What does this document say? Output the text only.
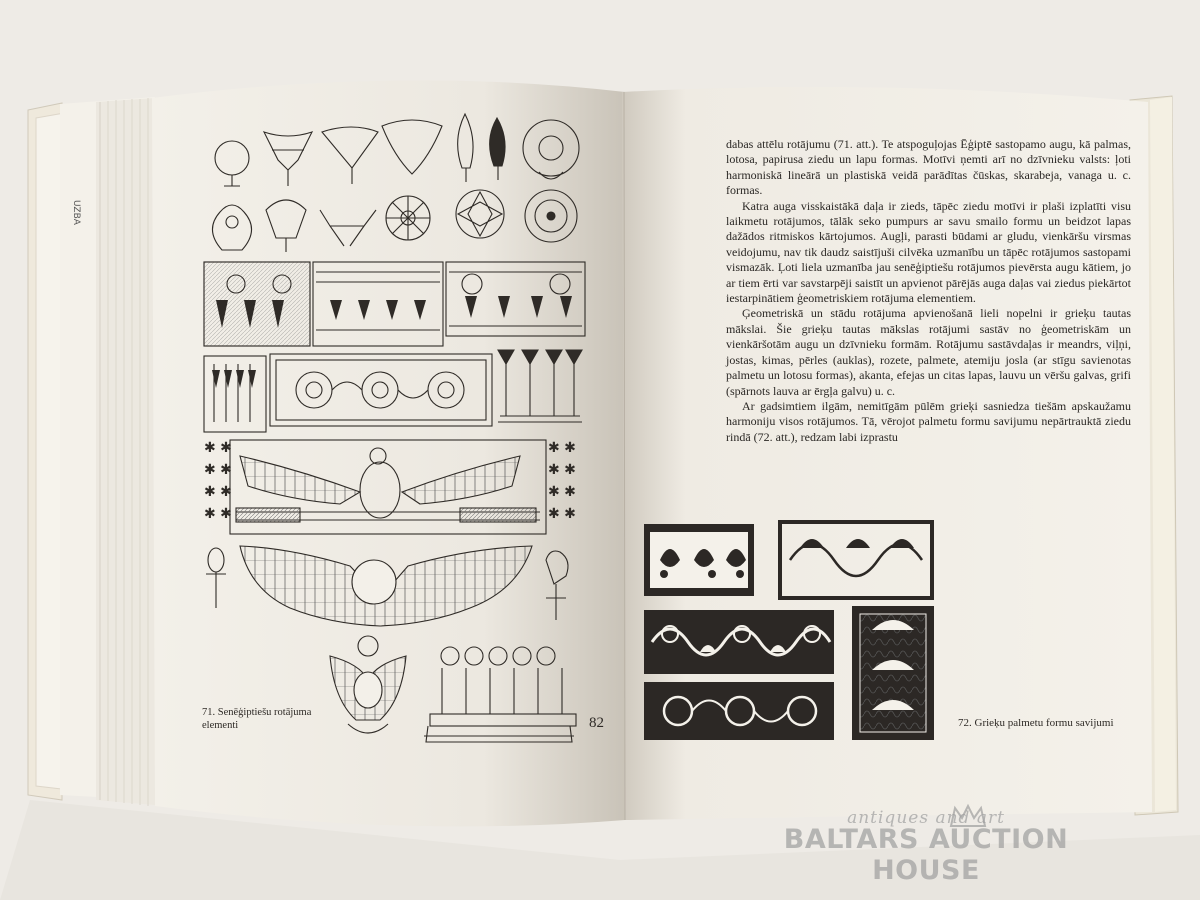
UZBA
✱ ✱
✱ ✱
✱ ✱
✱ ✱
✱ ✱
✱ ✱
✱ ✱
✱ ✱

dabas attēlu rotājumu (71. att.). Te atspoguļojas Ēģiptē sastopamo augu, kā palmas, lotosa, papirusa ziedu un lapu formas. Motīvi ņemti arī no dzīvnieku valsts: ļoti harmoniskā lineārā un plastiskā veidā parādītas čūskas, skarabeja, vanaga u. c. formas.

Katra auga visskaistākā daļa ir zieds, tāpēc ziedu motīvi ir plaši izplatīti visu laikmetu rotājumos, tālāk seko pumpurs ar savu smailo formu un beidzot lapas dažādos ritmiskos kārtojumos. Augļi, parasti būdami ar gludu, vienkāršu virsmas veidojumu, nav tik daudz saistījuši cilvēka uzmanību un tāpēc rotājumos sastopami vismazāk. Ļoti liela uzmanība jau senēģiptiešu rotājumos pievērsta augu kātiem, jo ar tiem ērti var savstarpēji saistīt un apvienot pārējās auga daļas vai ziedus piekārtot iestarpinātiem ģeometriskiem rotājuma elementiem.

Ģeometriskā un stādu rotājuma apvienošanā lieli nopelni ir grieķu tautas mākslai. Šie grieķu tautas mākslas rotājumi sastāv no ģeometriskām un vienkāršotām augu un dzīvnieku formām. Rotājumu sastāvdaļas ir meandrs, viļņi, jostas, kimas, pērles (auklas), rozete, palmete, atemiju josla (ar stīgu savienotas palmetu un lotosu formas), akanta, efejas un citas lapas, lauvu un vēršu galvas, grifi (spārnots lauva ar ērgļa galvu) u. c.

Ar gadsimtiem ilgām, nemitīgām pūlēm grieķi sasniedza tiešām apskaužamu harmoniju visos rotājumos. Tā, vērojot palmetu formu savijumu nepārtrauktā ziedu rindā (72. att.), redzam labi izprastu

71. Senēģiptiešu rotājuma elementi	82	72. Grieķu palmetu formu savijumi
antiques and art
BALTARS AUCTION HOUSE
